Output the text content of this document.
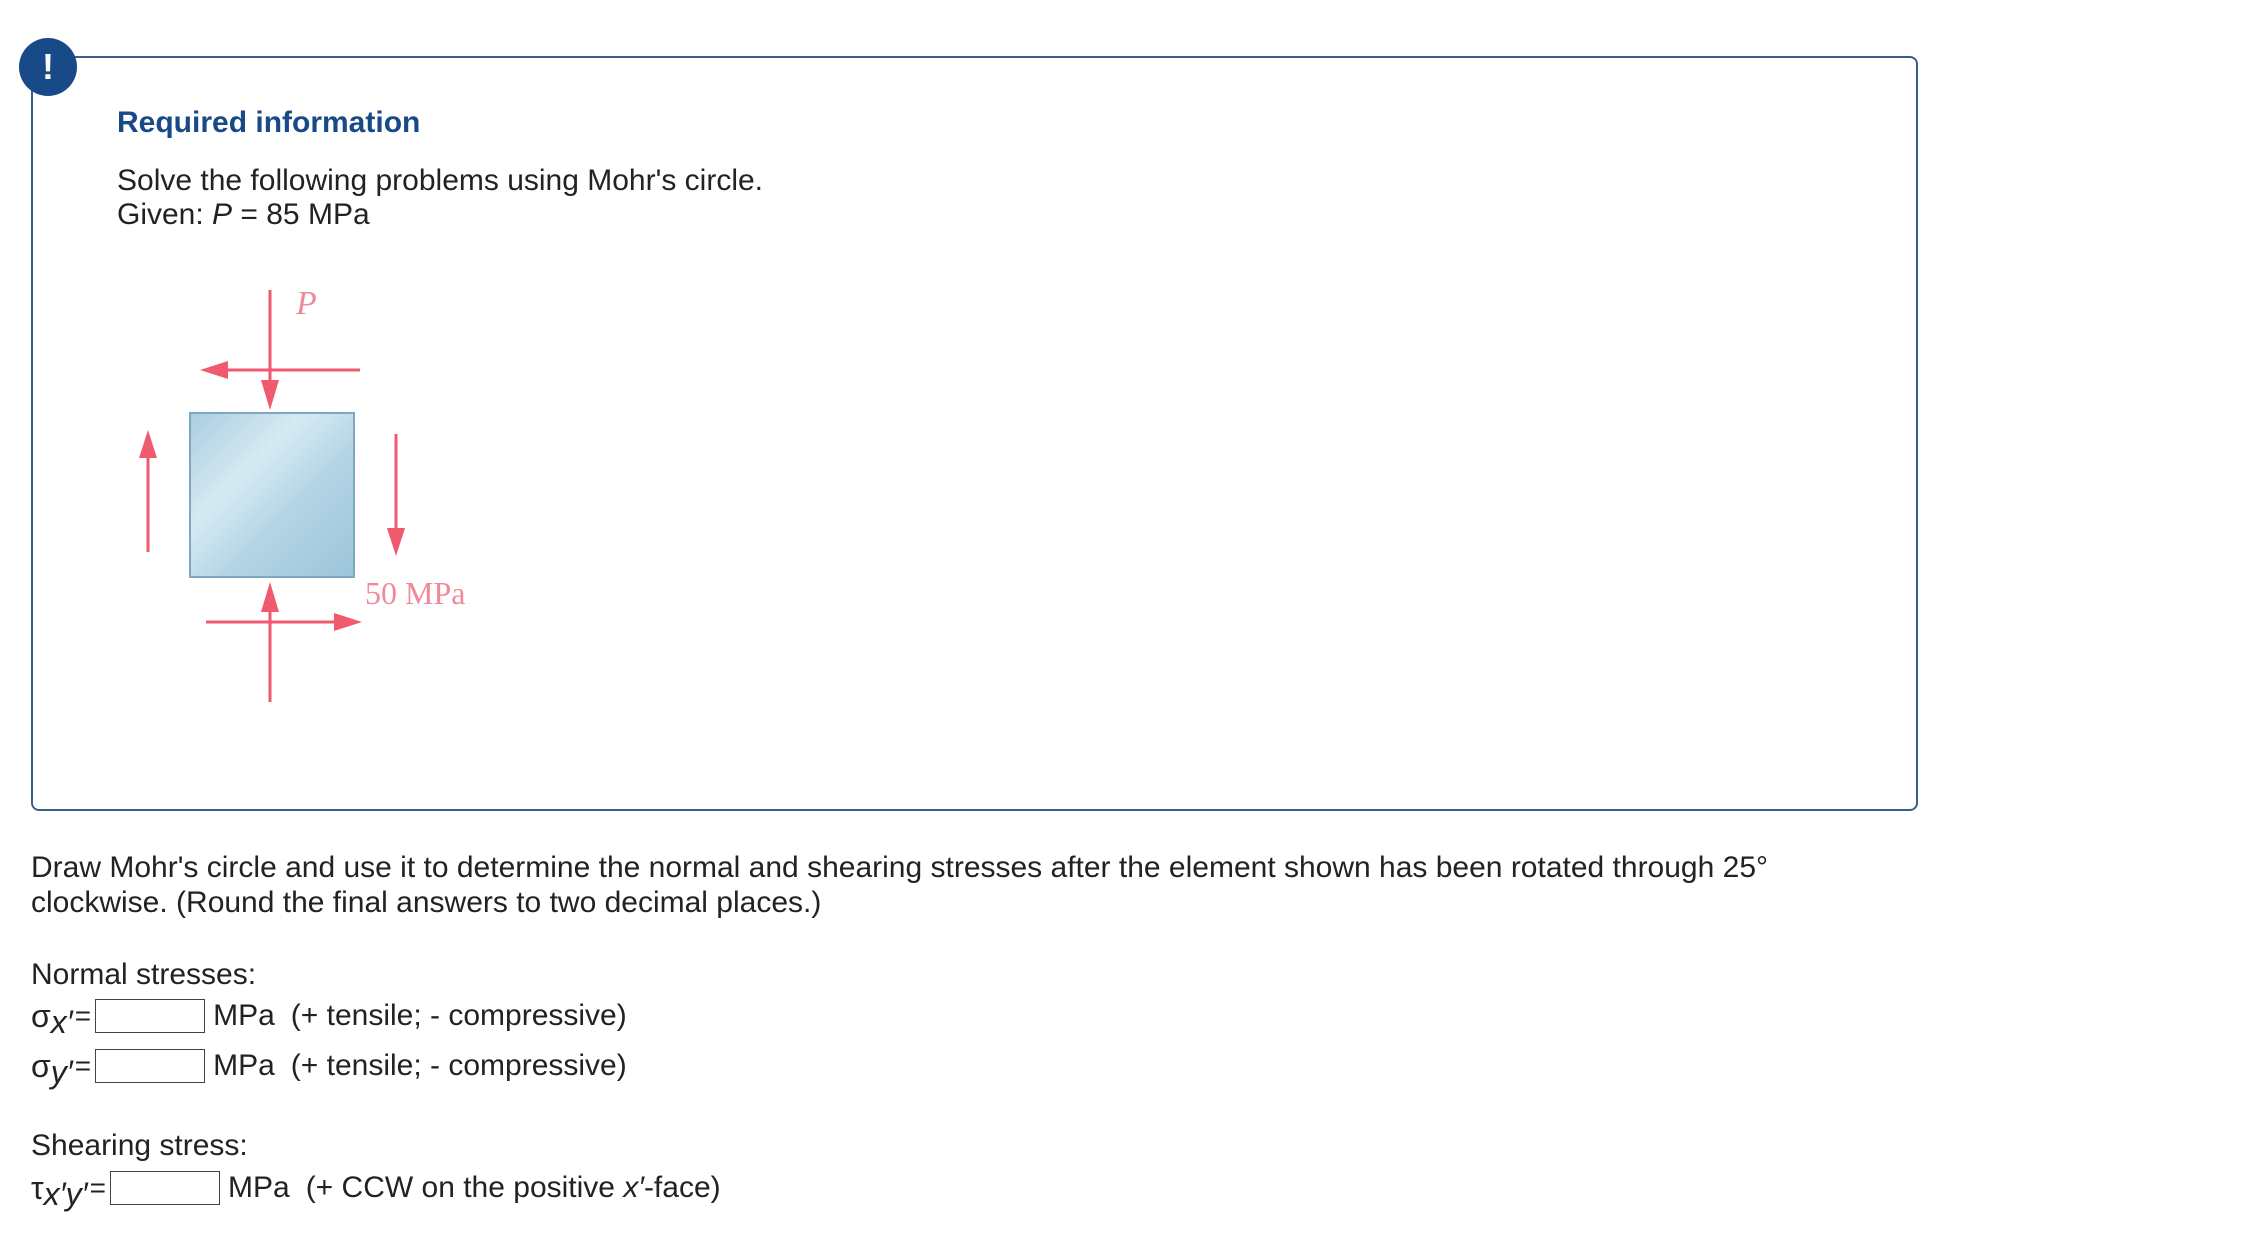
!

Required information

Solve the following problems using Mohr's circle.

Given: P = 85 MPa

P
50 MPa

Draw Mohr's circle and use it to determine the normal and shearing stresses after the element shown has been rotated through 25° clockwise. (Round the final answers to two decimal places.)

Normal stresses:

σ x′ =	MPa (+ tensile; - compressive)
σ y′ =	MPa (+ tensile; - compressive)

Shearing stress:

τ x′y′ =	MPa (+ CCW on the positive x′-face)
